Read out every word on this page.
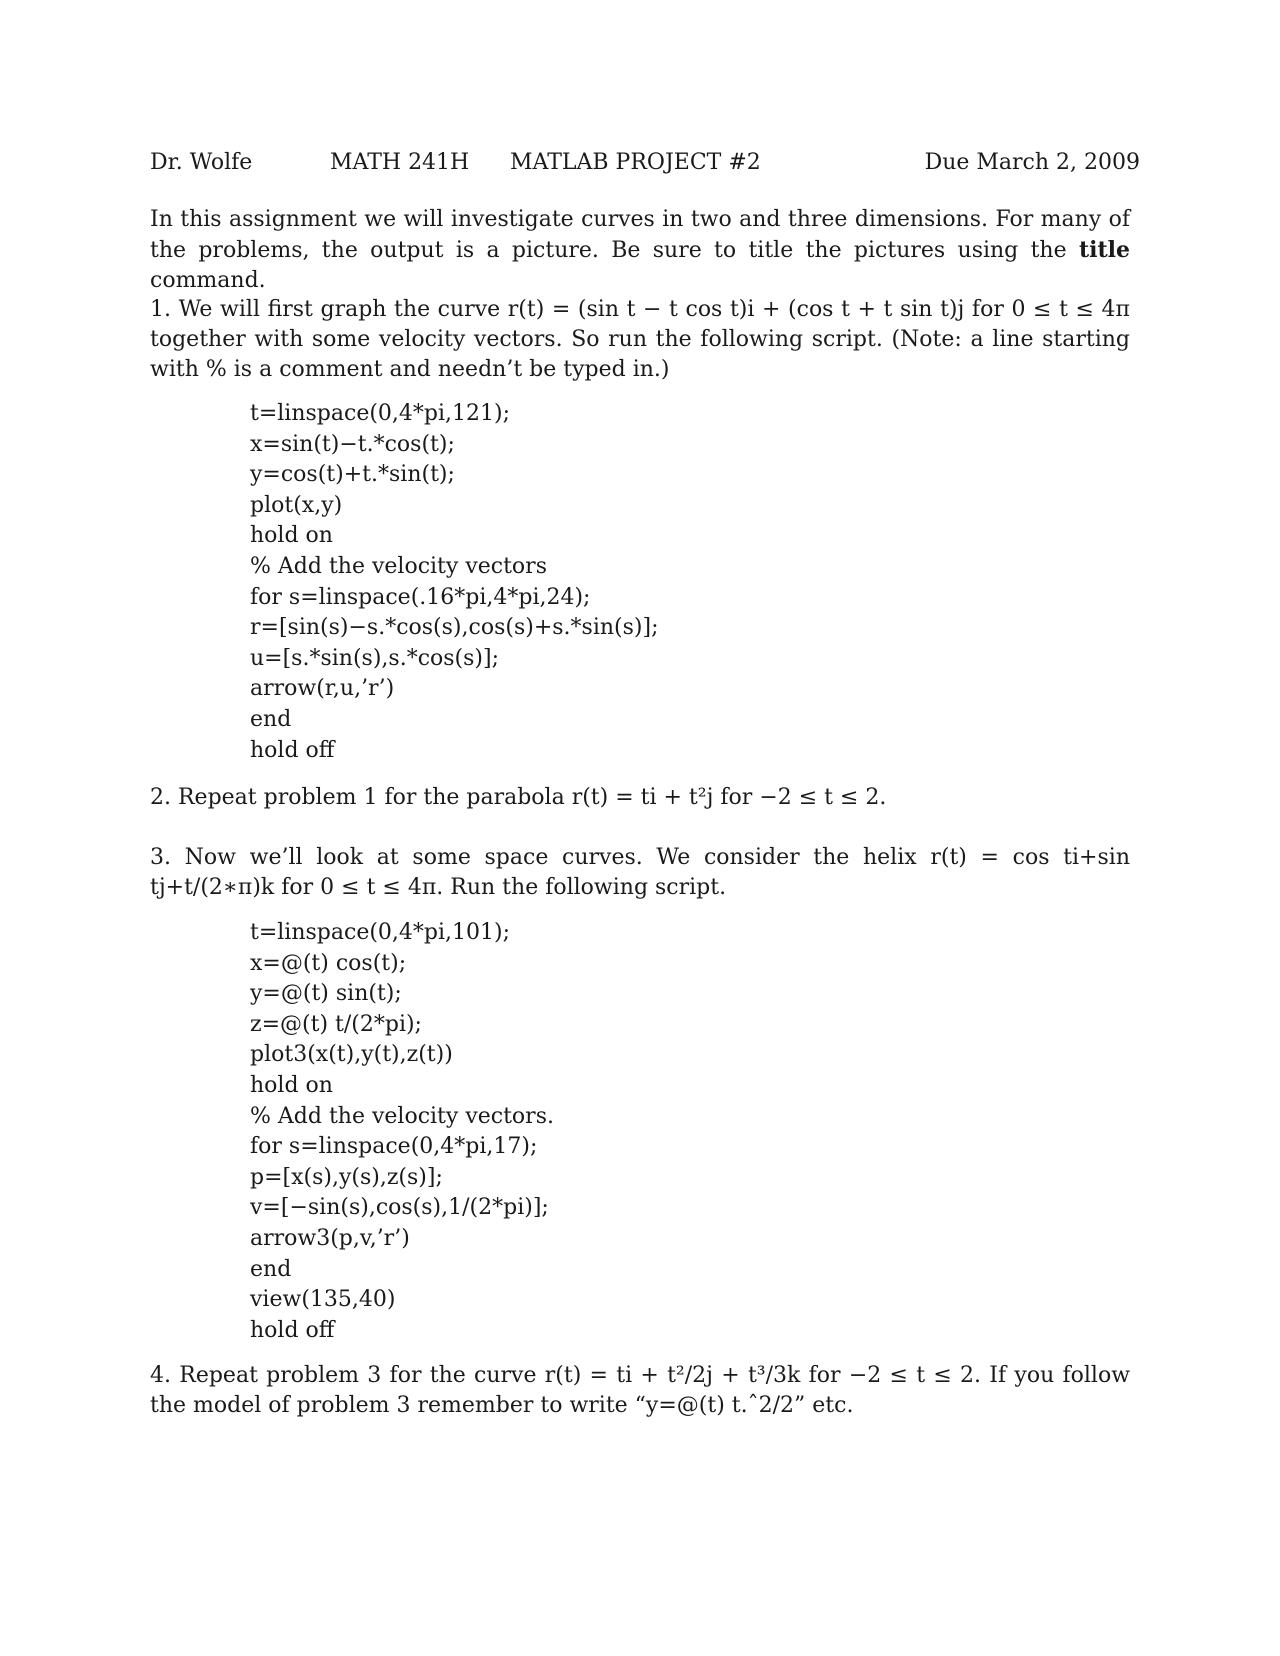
Dr. Wolfe	MATH 241H	MATLAB PROJECT #2	Due March 2, 2009
In this assignment we will investigate curves in two and three dimensions. For many of the problems, the output is a picture. Be sure to title the pictures using the title command.
1. We will first graph the curve r(t) = (sin t − t cos t)i + (cos t + t sin t)j for 0 ≤ t ≤ 4π together with some velocity vectors. So run the following script. (Note: a line starting with % is a comment and needn’t be typed in.)
t=linspace(0,4*pi,121);
x=sin(t)−t.*cos(t);
y=cos(t)+t.*sin(t);
plot(x,y)
hold on
% Add the velocity vectors
for s=linspace(.16*pi,4*pi,24);
r=[sin(s)−s.*cos(s),cos(s)+s.*sin(s)];
u=[s.*sin(s),s.*cos(s)];
arrow(r,u,’r’)
end
hold off
2. Repeat problem 1 for the parabola r(t) = ti + t²j for −2 ≤ t ≤ 2.
3. Now we’ll look at some space curves. We consider the helix r(t) = cos ti+sin tj+t/(2∗π)k for 0 ≤ t ≤ 4π. Run the following script.
t=linspace(0,4*pi,101);
x=@(t) cos(t);
y=@(t) sin(t);
z=@(t) t/(2*pi);
plot3(x(t),y(t),z(t))
hold on
% Add the velocity vectors.
for s=linspace(0,4*pi,17);
p=[x(s),y(s),z(s)];
v=[−sin(s),cos(s),1/(2*pi)];
arrow3(p,v,’r’)
end
view(135,40)
hold off
4. Repeat problem 3 for the curve r(t) = ti + t²/2j + t³/3k for −2 ≤ t ≤ 2. If you follow the model of problem 3 remember to write “y=@(t) t.ˆ2/2” etc.
